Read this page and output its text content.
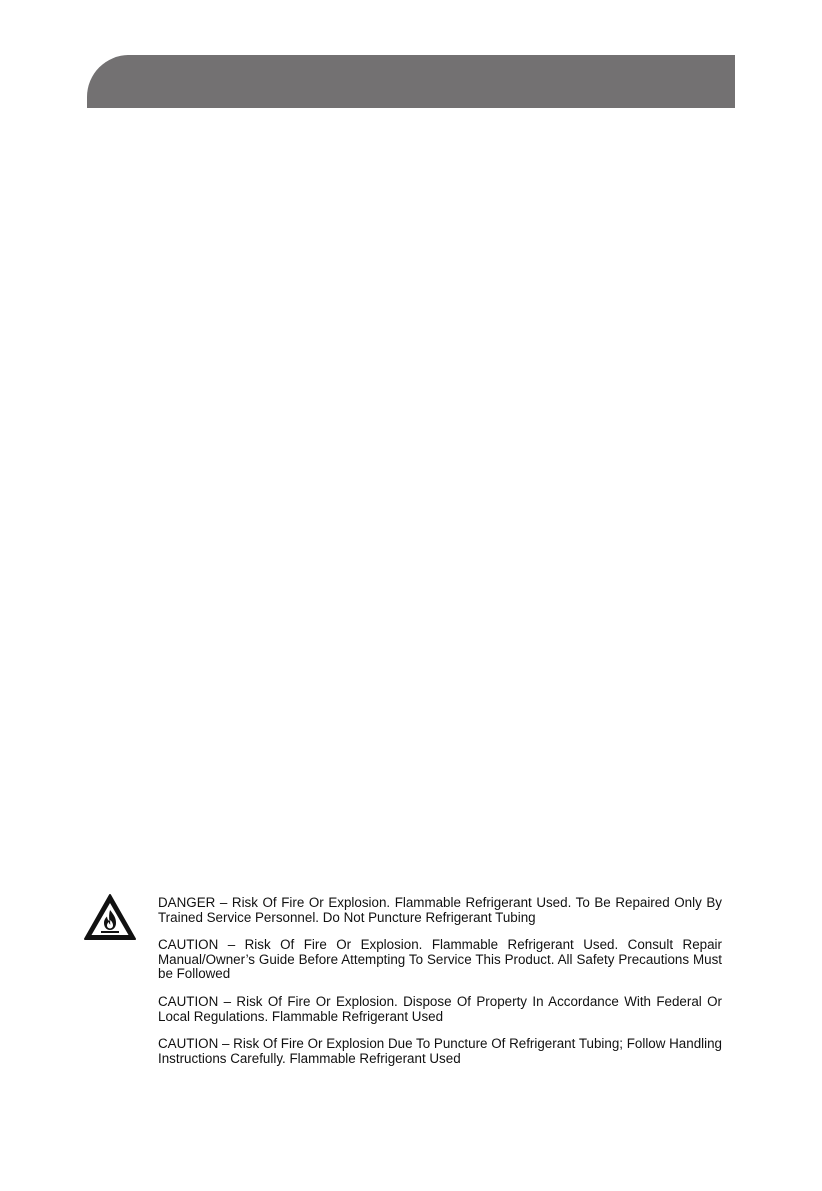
DANGER – Risk Of Fire Or Explosion. Flammable Refrigerant Used. To Be Repaired Only By Trained Service Personnel. Do Not Puncture Refrigerant Tubing

CAUTION – Risk Of Fire Or Explosion. Flammable Refrigerant Used. Consult Repair Manual/Owner’s Guide Before Attempting To Service This Product. All Safety Precautions Must be Followed

CAUTION – Risk Of Fire Or Explosion. Dispose Of Property In Accordance With Federal Or Local Regulations. Flammable Refrigerant Used

CAUTION – Risk Of Fire Or Explosion Due To Puncture Of Refrigerant Tubing; Follow Handling Instructions Carefully. Flammable Refrigerant Used
